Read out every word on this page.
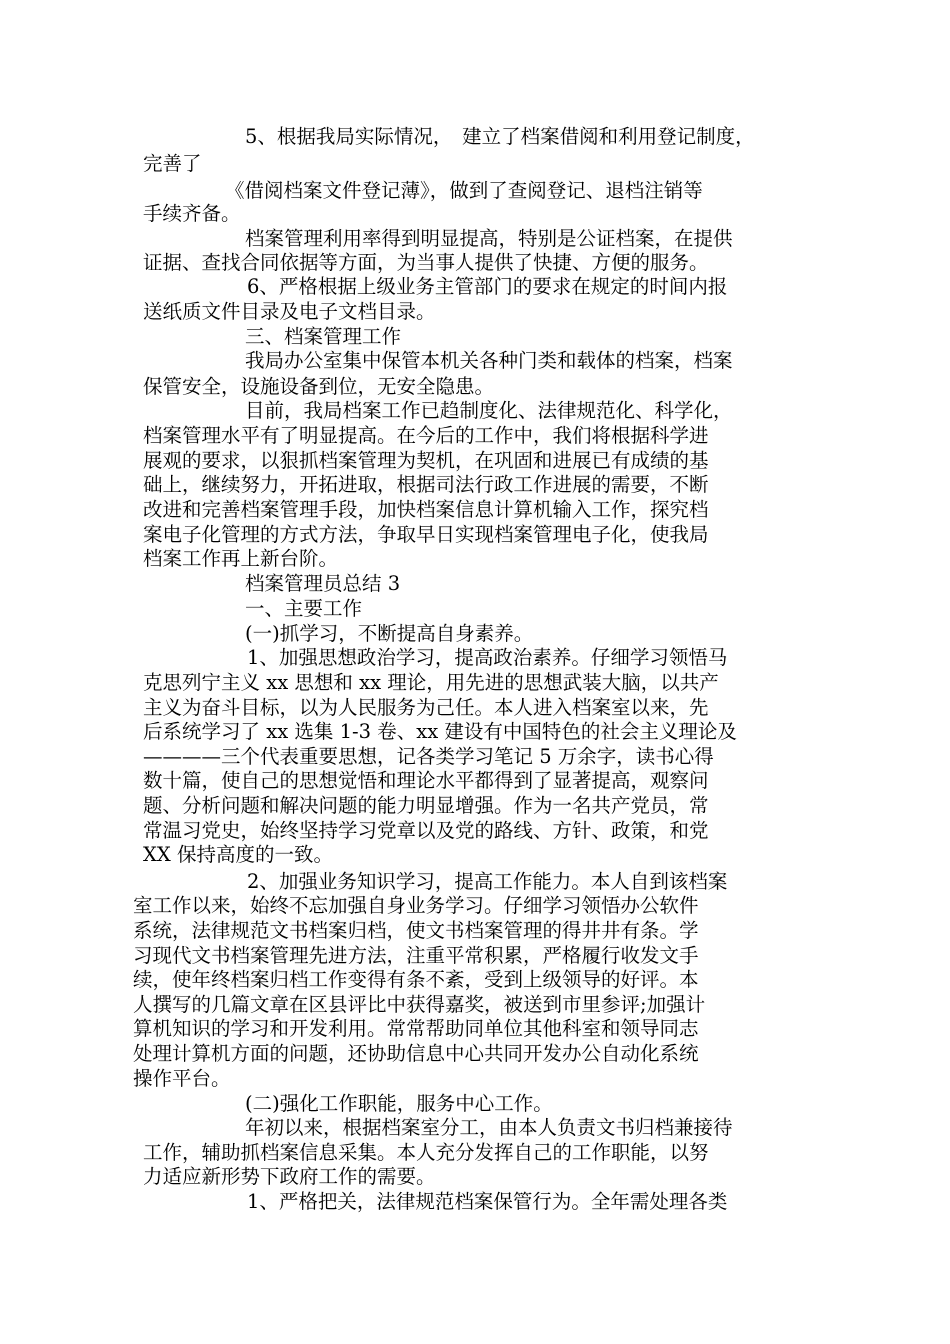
5、根据我局实际情况，　建立了档案借阅和利用登记制度，
完善了
《借阅档案文件登记薄》，做到了查阅登记、退档注销等
手续齐备。
档案管理利用率得到明显提高，特别是公证档案，在提供
证据、查找合同依据等方面，为当事人提供了快捷、方便的服务。
6、严格根据上级业务主管部门的要求在规定的时间内报
送纸质文件目录及电子文档目录。
三、档案管理工作
我局办公室集中保管本机关各种门类和载体的档案，档案
保管安全，设施设备到位，无安全隐患。
目前，我局档案工作已趋制度化、法律规范化、科学化，
档案管理水平有了明显提高。在今后的工作中，我们将根据科学进
展观的要求，以狠抓档案管理为契机，在巩固和进展已有成绩的基
础上，继续努力，开拓进取，根据司法行政工作进展的需要，不断
改进和完善档案管理手段，加快档案信息计算机输入工作，探究档
案电子化管理的方式方法，争取早日实现档案管理电子化，使我局
档案工作再上新台阶。
档案管理员总结 3
一、主要工作
(一)抓学习，不断提高自身素养。
1、加强思想政治学习，提高政治素养。仔细学习领悟马
克思列宁主义 xx 思想和 xx 理论，用先进的思想武装大脑，以共产
主义为奋斗目标，以为人民服务为己任。本人进入档案室以来，先
后系统学习了 xx 选集 1-3 卷、xx 建设有中国特色的社会主义理论及
————三个代表重要思想，记各类学习笔记 5 万余字，读书心得
数十篇，使自己的思想觉悟和理论水平都得到了显著提高，观察问
题、分析问题和解决问题的能力明显增强。作为一名共产党员，常
常温习党史，始终坚持学习党章以及党的路线、方针、政策，和党
XX 保持高度的一致。
2、加强业务知识学习，提高工作能力。本人自到该档案
室工作以来，始终不忘加强自身业务学习。仔细学习领悟办公软件
系统，法律规范文书档案归档，使文书档案管理的得井井有条。学
习现代文书档案管理先进方法，注重平常积累，严格履行收发文手
续，使年终档案归档工作变得有条不紊，受到上级领导的好评。本
人撰写的几篇文章在区县评比中获得嘉奖，被送到市里参评;加强计
算机知识的学习和开发利用。常常帮助同单位其他科室和领导同志
处理计算机方面的问题，还协助信息中心共同开发办公自动化系统
操作平台。
(二)强化工作职能，服务中心工作。
年初以来，根据档案室分工，由本人负责文书归档兼接待
工作，辅助抓档案信息采集。本人充分发挥自己的工作职能，以努
力适应新形势下政府工作的需要。
1、严格把关，法律规范档案保管行为。全年需处理各类
